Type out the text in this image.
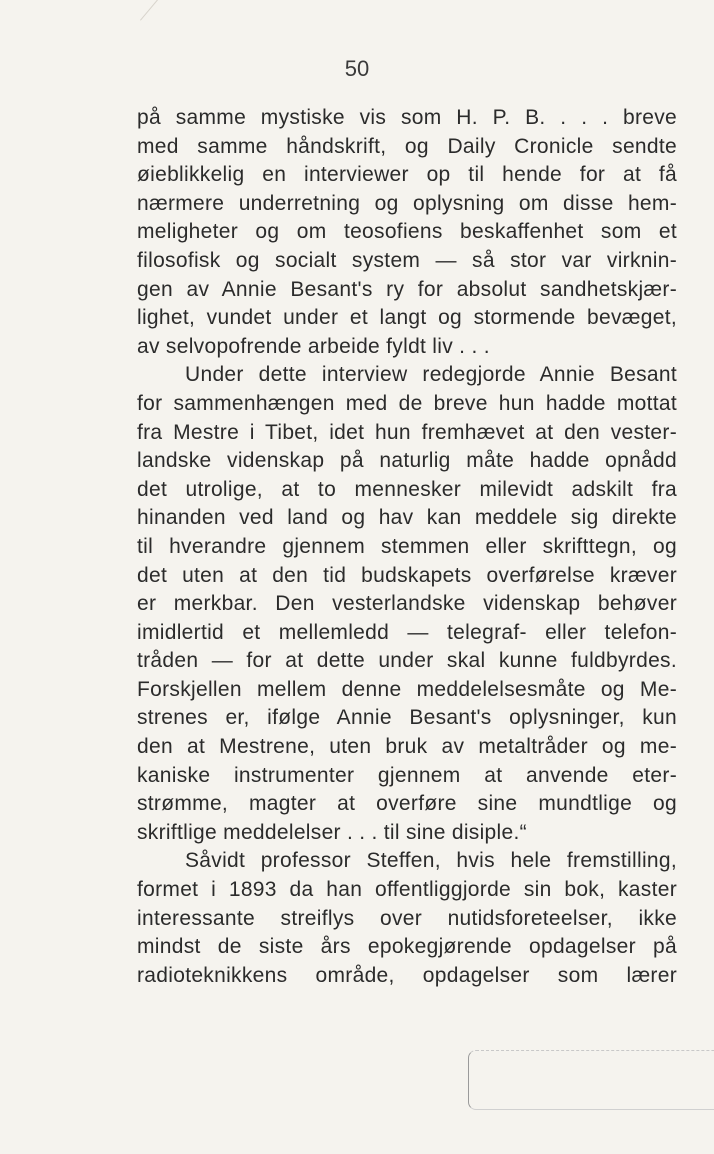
50
på samme mystiske vis som H. P. B. . . . breve
med samme håndskrift, og Daily Cronicle sendte
øieblikkelig en interviewer op til hende for at få
nærmere underretning og oplysning om disse hem-
meligheter og om teosofiens beskaffenhet som et
filosofisk og socialt system — så stor var virknin-
gen av Annie Besant's ry for absolut sandhetskjær-
lighet, vundet under et langt og stormende bevæget,
av selvopofrende arbeide fyldt liv . . .
Under dette interview redegjorde Annie Besant
for sammenhængen med de breve hun hadde mottat
fra Mestre i Tibet, idet hun fremhævet at den vester-
landske videnskap på naturlig måte hadde opnådd
det utrolige, at to mennesker milevidt adskilt fra
hinanden ved land og hav kan meddele sig direkte
til hverandre gjennem stemmen eller skrifttegn, og
det uten at den tid budskapets overførelse kræver
er merkbar. Den vesterlandske videnskap behøver
imidlertid et mellemledd — telegraf- eller telefon-
tråden — for at dette under skal kunne fuldbyrdes.
Forskjellen mellem denne meddelelsesmåte og Me-
strenes er, ifølge Annie Besant's oplysninger, kun
den at Mestrene, uten bruk av metaltråder og me-
kaniske instrumenter gjennem at anvende eter-
strømme, magter at overføre sine mundtlige og
skriftlige meddelelser . . . til sine disiple.“
Såvidt professor Steffen, hvis hele fremstilling,
formet i 1893 da han offentliggjorde sin bok, kaster
interessante streiflys over nutidsforeteelser, ikke
mindst de siste års epokegjørende opdagelser på
radioteknikkens område, opdagelser som lærer
